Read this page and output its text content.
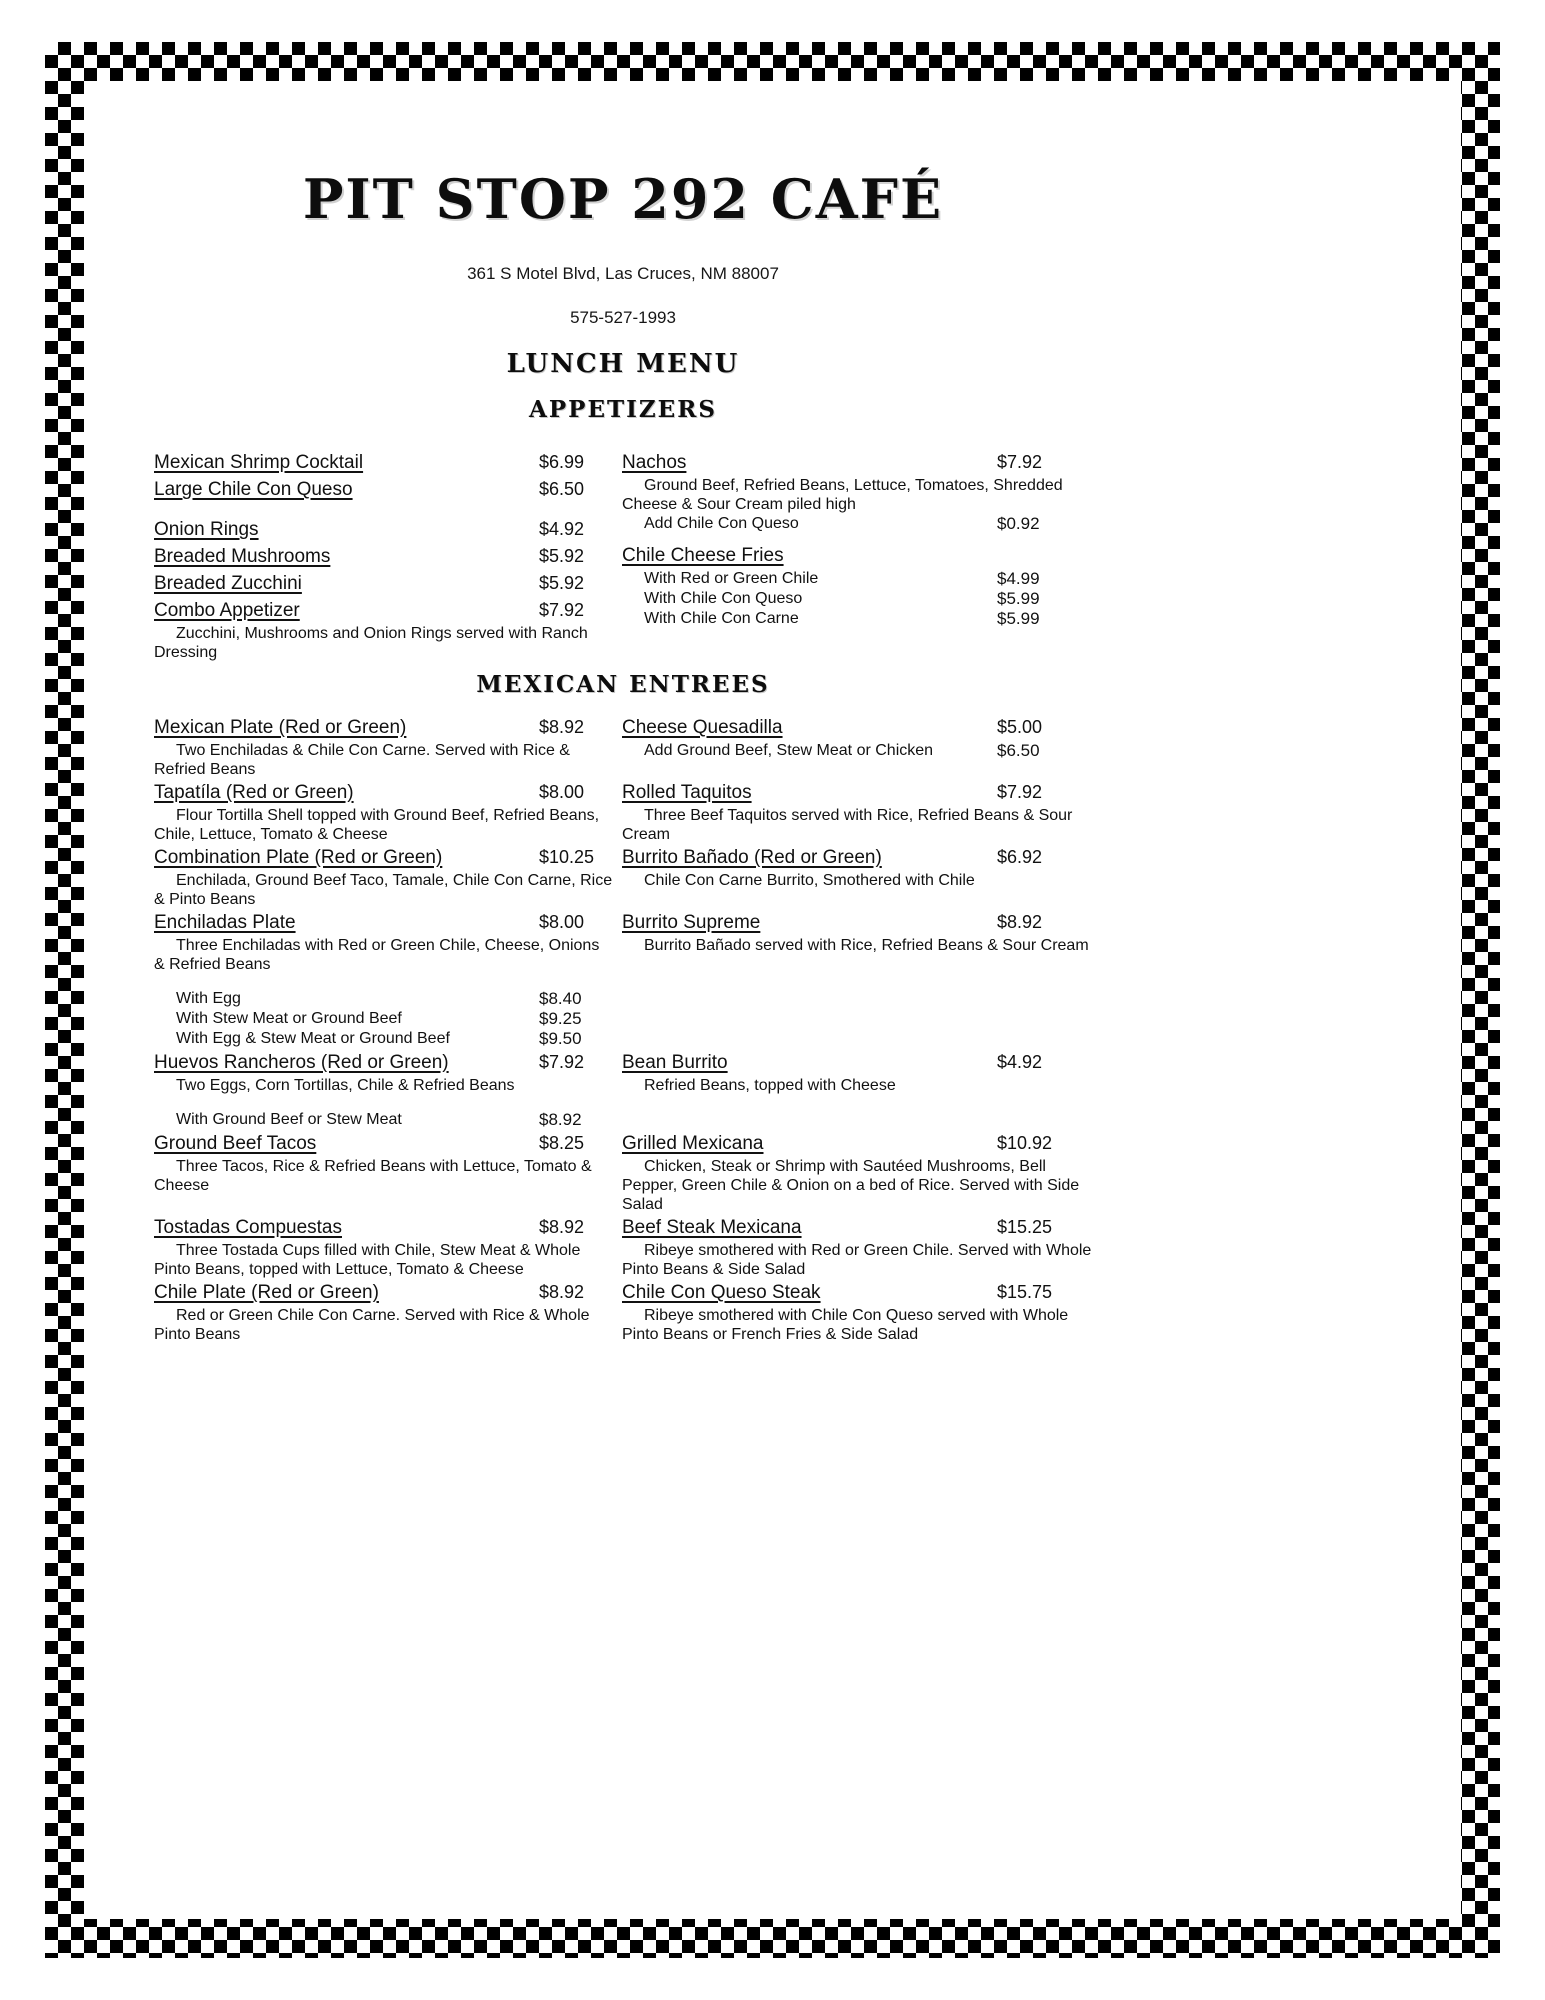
PIT STOP 292 CAFÉ

361 S Motel Blvd, Las Cruces, NM 88007

575-527-1993

LUNCH MENU
APPETIZERS
Mexican Shrimp Cocktail	$6.99
Large Chile Con Queso	$6.50
Onion Rings	$4.92
Nachos	$7.92

Ground Beef, Refried Beans, Lettuce, Tomatoes, Shredded Cheese & Sour Cream piled high

Add Chile Con Queso	$0.92
Breaded Mushrooms	$5.92
Breaded Zucchini	$5.92
Combo Appetizer	$7.92

Zucchini, Mushrooms and Onion Rings served with Ranch Dressing

Chile Cheese Fries
With Red or Green Chile	$4.99
With Chile Con Queso	$5.99
With Chile Con Carne	$5.99
MEXICAN ENTREES
Mexican Plate (Red or Green)	$8.92

Two Enchiladas & Chile Con Carne. Served with Rice & Refried Beans

Cheese Quesadilla	$5.00
Add Ground Beef, Stew Meat or Chicken	$6.50
Tapatíla (Red or Green)	$8.00

Flour Tortilla Shell topped with Ground Beef, Refried Beans, Chile, Lettuce, Tomato & Cheese

Rolled Taquitos	$7.92

Three Beef Taquitos served with Rice, Refried Beans & Sour Cream

Combination Plate (Red or Green)	$10.25

Enchilada, Ground Beef Taco, Tamale, Chile Con Carne, Rice & Pinto Beans

Burrito Bañado (Red or Green)	$6.92

Chile Con Carne Burrito, Smothered with Chile

Enchiladas Plate	$8.00

Three Enchiladas with Red or Green Chile, Cheese, Onions & Refried Beans

With Egg	$8.40
With Stew Meat or Ground Beef	$9.25
With Egg & Stew Meat or Ground Beef	$9.50
Burrito Supreme	$8.92

Burrito Bañado served with Rice, Refried Beans & Sour Cream

Huevos Rancheros (Red or Green)	$7.92

Two Eggs, Corn Tortillas, Chile & Refried Beans

With Ground Beef or Stew Meat	$8.92
Bean Burrito	$4.92

Refried Beans, topped with Cheese

Ground Beef Tacos	$8.25

Three Tacos, Rice & Refried Beans with Lettuce, Tomato & Cheese

Grilled Mexicana	$10.92

Chicken, Steak or Shrimp with Sautéed Mushrooms, Bell Pepper, Green Chile & Onion on a bed of Rice. Served with Side Salad

Tostadas Compuestas	$8.92

Three Tostada Cups filled with Chile, Stew Meat & Whole Pinto Beans, topped with Lettuce, Tomato & Cheese

Beef Steak Mexicana	$15.25

Ribeye smothered with Red or Green Chile. Served with Whole Pinto Beans & Side Salad

Chile Plate (Red or Green)	$8.92

Red or Green Chile Con Carne. Served with Rice & Whole Pinto Beans

Chile Con Queso Steak	$15.75

Ribeye smothered with Chile Con Queso served with Whole Pinto Beans or French Fries & Side Salad
